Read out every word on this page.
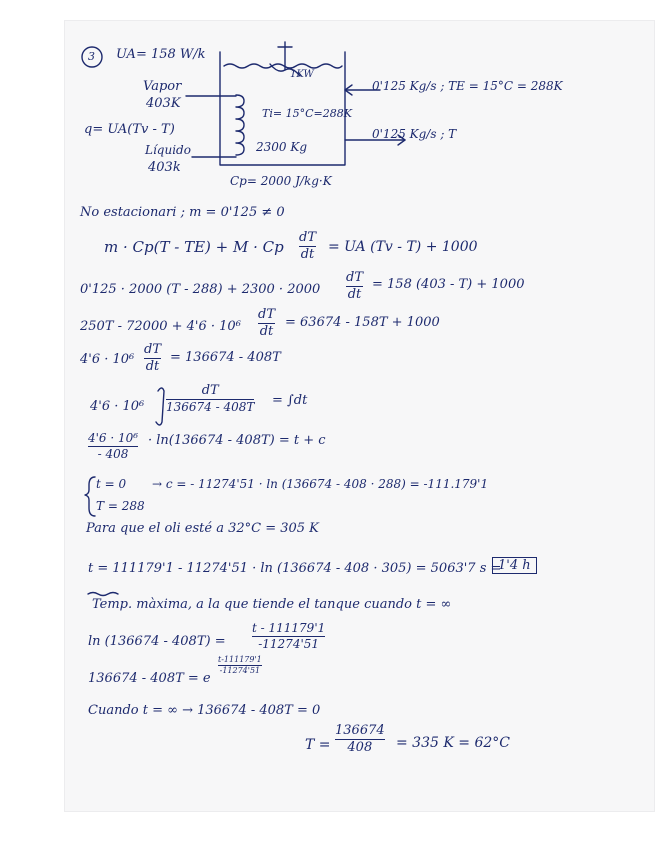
3 UA= 158 W/k
Vapor
403K
q= UA(Tv - T)
Líquido
403k
1KW
Ti= 15°C=288K
2300 Kg
0'125 Kg/s ; TE = 15°C = 288K
0'125 Kg/s ; T
Cp= 2000 J/kg·K
No estacionari ; m = 0'125 ≠ 0
m · Cp(T - TE) + M · Cp
dT
dt = UA (Tv - T) + 1000
0'125 · 2000 (T - 288) + 2300 · 2000
dT
dt
= 158 (403 - T) + 1000
250T - 72000 + 4'6 · 10⁶
dT
dt
= 63674 - 158T + 1000
4'6 · 10⁶
dT
dt
= 136674 - 408T
4'6 · 10⁶
dT
136674 - 408T = ∫dt
4'6 · 10⁶
- 408
· ln(136674 - 408T) = t + c
t = 0
T = 288
→ c = - 11274'51 · ln (136674 - 408 · 288) = -111.179'1
Para que el oli esté a 32°C = 305 K
t = 111179'1 - 11274'51 · ln (136674 - 408 · 305) = 5063'7 s =
1'4 h
Temp. màxima, a la que tiende el tanque cuando t = ∞
ln (136674 - 408T) =
t - 111179'1
-11274'51
136674 - 408T = e
t-111179'1
-11274'51
Cuando t = ∞ → 136674 - 408T = 0
T =
136674
408 = 335 K = 62°C
